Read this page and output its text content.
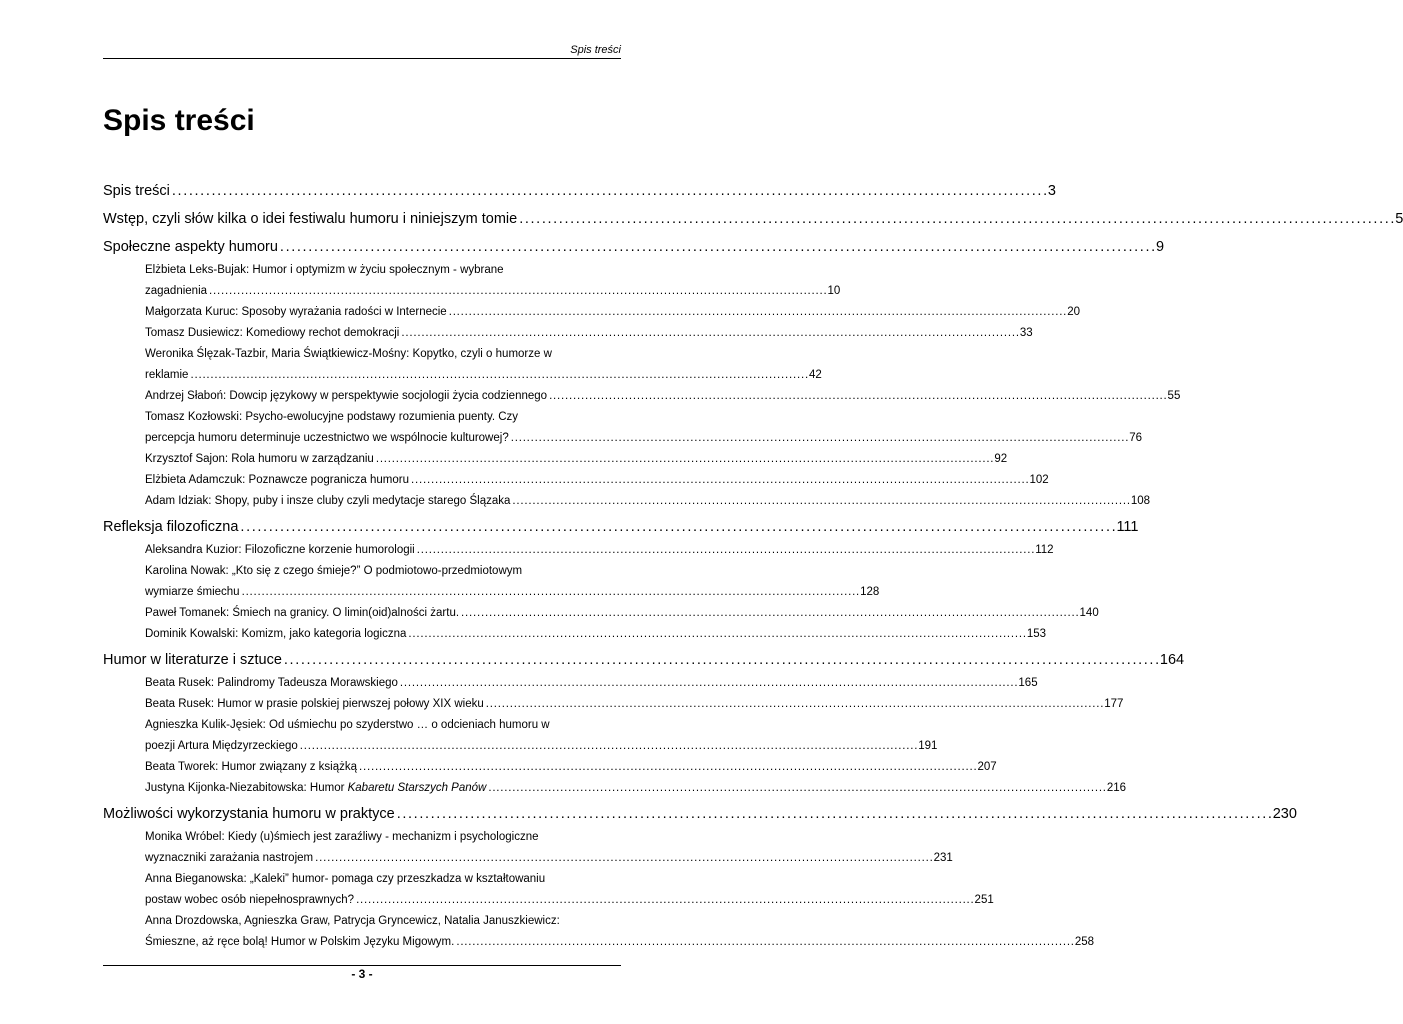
Spis treści
Spis treści
Spis treści . . .	3
Wstęp, czyli słów kilka o idei festiwalu humoru i niniejszym tomie . . .	5
Społeczne aspekty humoru . . .	9
Elżbieta Leks-Bujak: Humor i optymizm w życiu społecznym - wybrane
zagadnienia . . .	10
Małgorzata Kuruc: Sposoby wyrażania radości w Internecie . . .	20
Tomasz Dusiewicz: Komediowy rechot demokracji . . .	33
Weronika Ślęzak-Tazbir, Maria Świątkiewicz-Mośny: Kopytko, czyli o humorze w
reklamie . . .	42
Andrzej Słaboń: Dowcip językowy w perspektywie socjologii życia codziennego . . .	55
Tomasz Kozłowski: Psycho-ewolucyjne podstawy rozumienia puenty. Czy
percepcja humoru determinuje uczestnictwo we wspólnocie kulturowej? . . .	76
Krzysztof Sajon: Rola humoru w zarządzaniu . . .	92
Elżbieta Adamczuk: Poznawcze pogranicza humoru . . .	102
Adam Idziak: Shopy, puby i insze cluby czyli medytacje starego Ślązaka . . .	108
Refleksja filozoficzna . . .	111
Aleksandra Kuzior: Filozoficzne korzenie humorologii . . .	112
Karolina Nowak: „Kto się z czego śmieje?” O podmiotowo-przedmiotowym
wymiarze śmiechu . . .	128
Paweł Tomanek: Śmiech na granicy. O limin(oid)alności żartu. . . .	140
Dominik Kowalski: Komizm, jako kategoria logiczna . . .	153
Humor w literaturze i sztuce . . .	164
Beata Rusek: Palindromy Tadeusza Morawskiego . . .	165
Beata Rusek: Humor w prasie polskiej pierwszej połowy XIX wieku . . .	177
Agnieszka Kulik-Jęsiek: Od uśmiechu po szyderstwo … o odcieniach humoru w
poezji Artura Międzyrzeckiego . . .	191
Beata Tworek: Humor związany z książką . . .	207
Justyna Kijonka-Niezabitowska: Humor Kabaretu Starszych Panów . . .	216
Możliwości wykorzystania humoru w praktyce . . .	230
Monika Wróbel: Kiedy (u)śmiech jest zaraźliwy - mechanizm i psychologiczne
wyznaczniki zarażania nastrojem . . .	231
Anna Bieganowska: „Kaleki” humor- pomaga czy przeszkadza w kształtowaniu
postaw wobec osób niepełnosprawnych? . . .	251
Anna Drozdowska, Agnieszka Graw, Patrycja Gryncewicz, Natalia Januszkiewicz:
Śmieszne, aż ręce bolą! Humor w Polskim Języku Migowym. . . .	258
- 3 -
